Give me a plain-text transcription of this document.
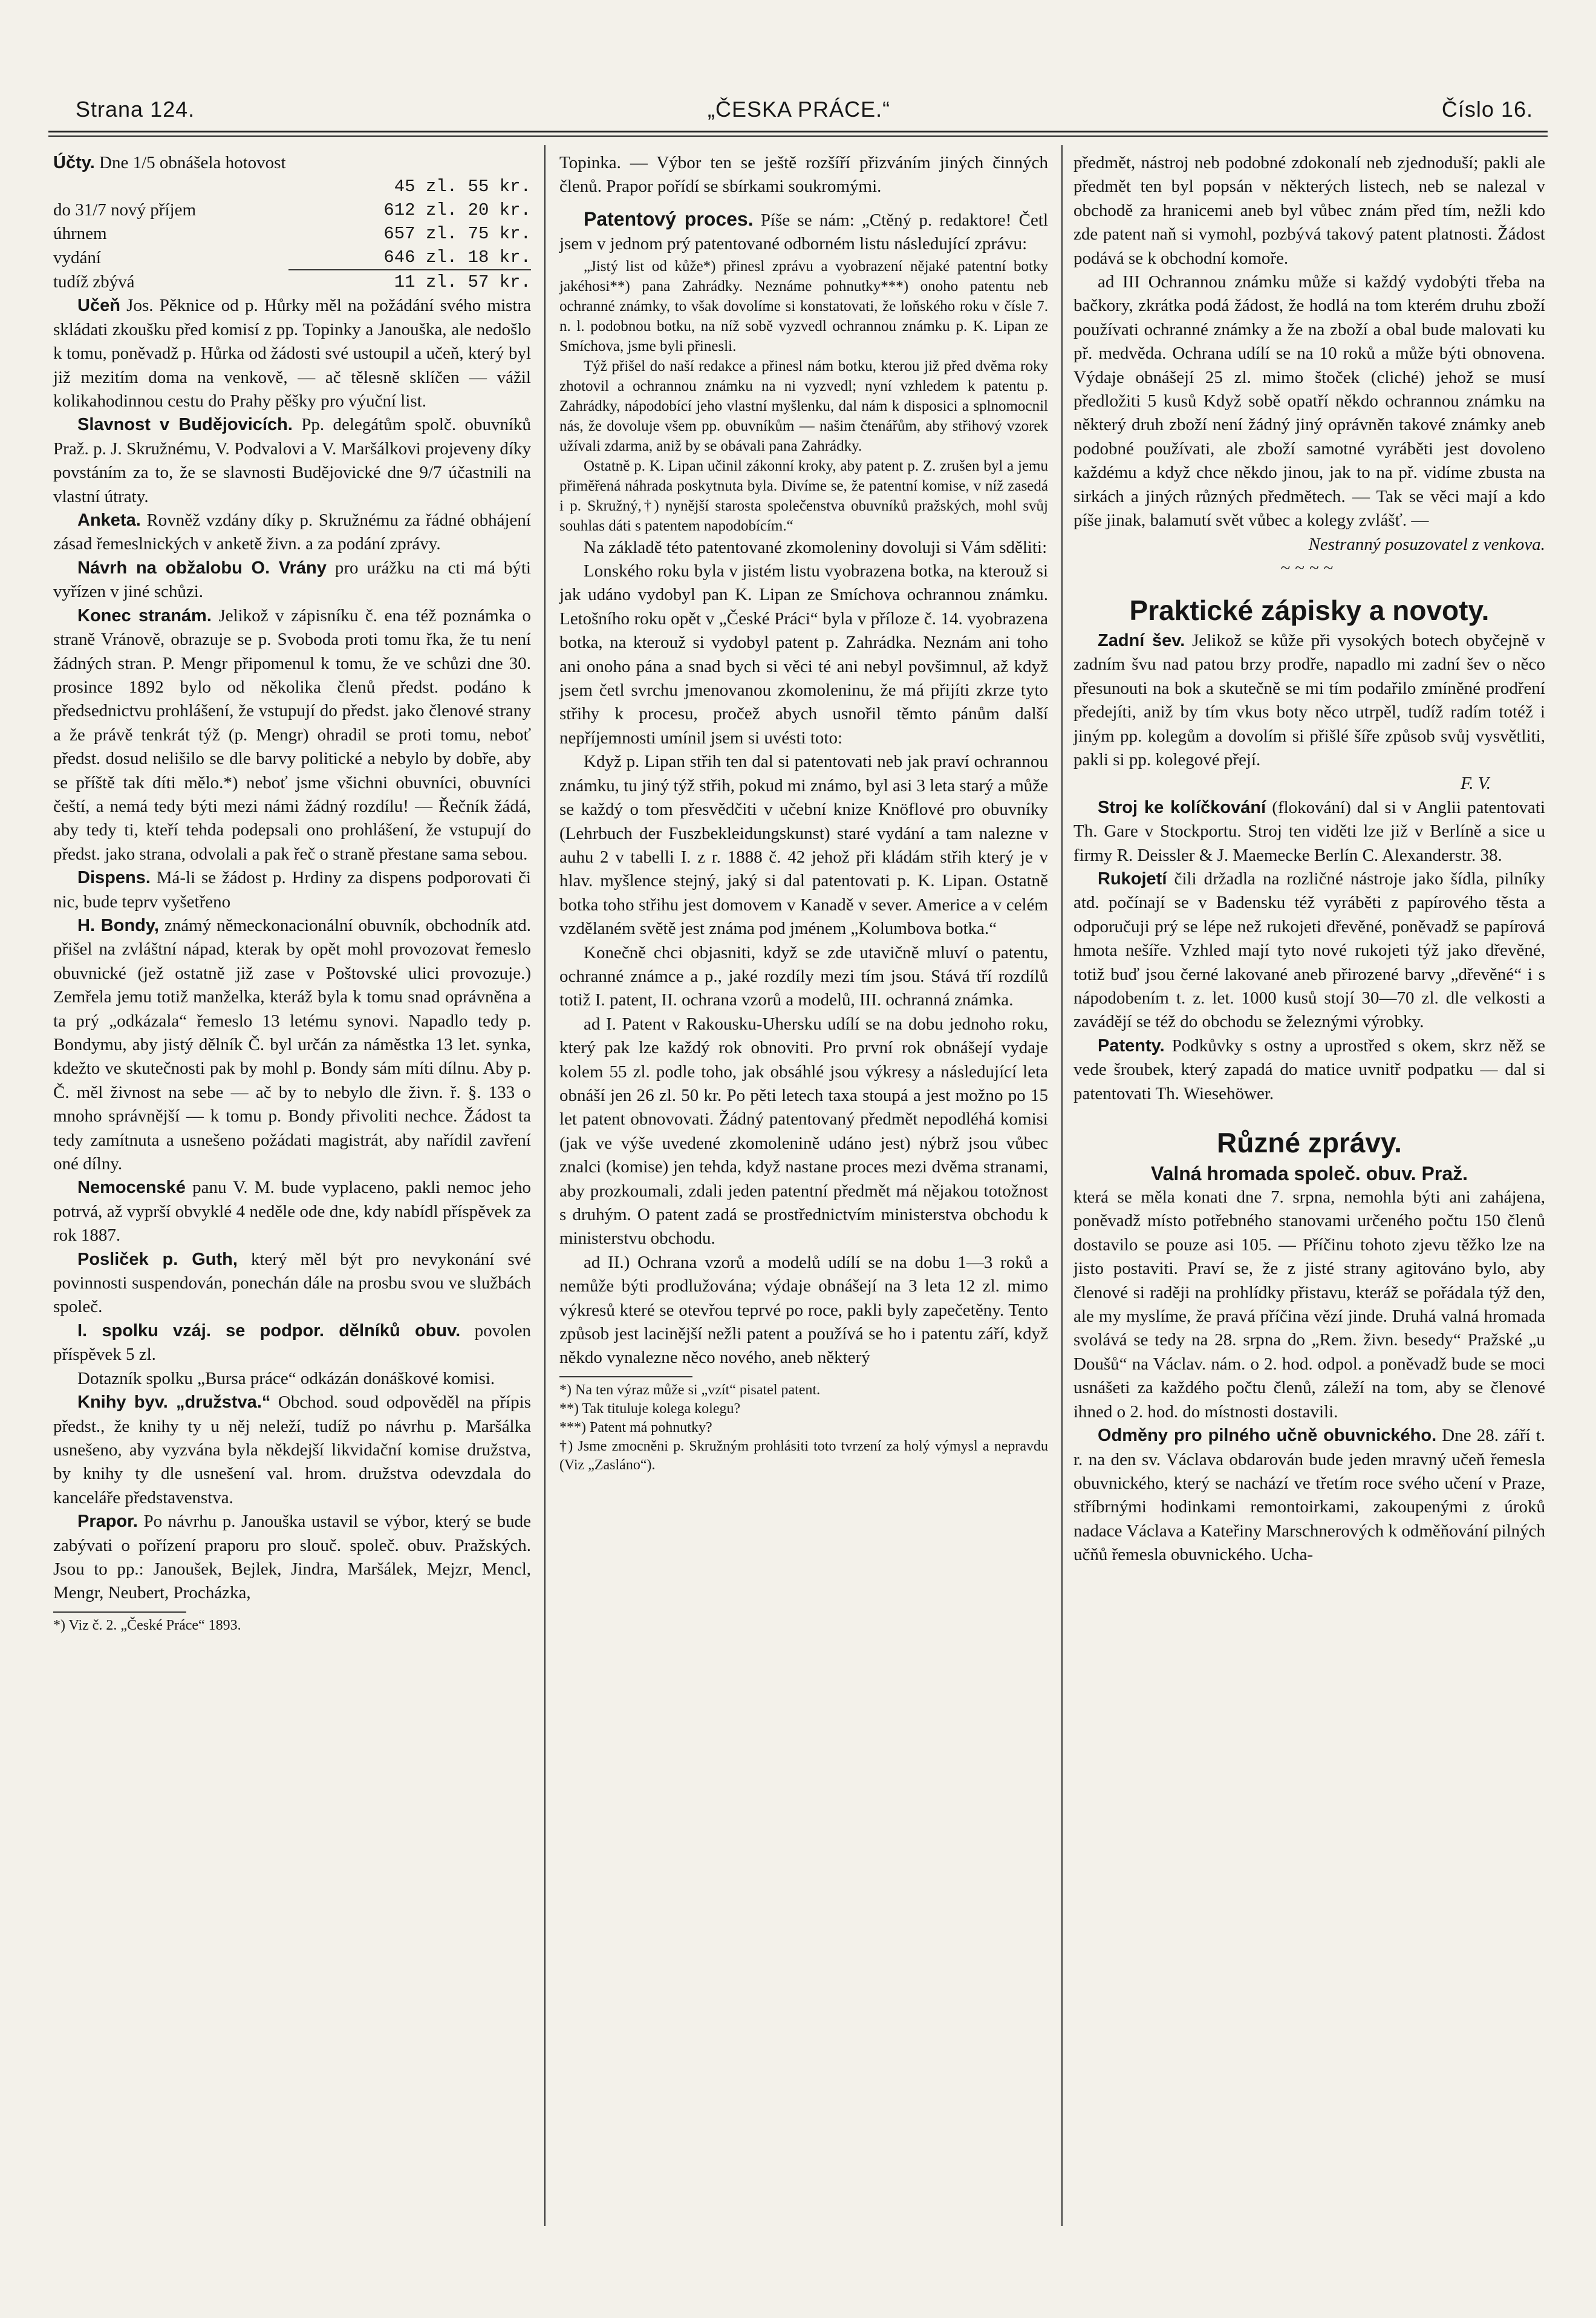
Strana 124.	„ČESKA PRÁCE.“	Číslo 16.

Účty. Dne 1/5 obnášela hotovost

	45 zl. 55 kr.
do 31/7 nový příjem	612 zl. 20 kr.
úhrnem	657 zl. 75 kr.
vydání	646 zl. 18 kr.
tudíž zbývá	11 zl. 57 kr.

Učeň Jos. Pěknice od p. Hůrky měl na požádání svého mistra skládati zkoušku před komisí z pp. Topinky a Janouška, ale nedošlo k tomu, poněvadž p. Hůrka od žádosti své ustoupil a učeň, který byl již mezitím doma na venkově, — ač tělesně sklíčen — vážil kolikahodinnou cestu do Prahy pěšky pro výuční list.

Slavnost v Budějovicích. Pp. delegátům spolč. obuvníků Praž. p. J. Skružnému, V. Podvalovi a V. Maršálkovi projeveny díky povstáním za to, že se slavnosti Budějovické dne 9/7 účastnili na vlastní útraty.

Anketa. Rovněž vzdány díky p. Skružnému za řádné obhájení zásad řemeslnických v anketě živn. a za podání zprávy.

Návrh na obžalobu O. Vrány pro urážku na cti má býti vyřízen v jiné schůzi.

Konec stranám. Jelikož v zápisníku č. ena též poznámka o straně Vránově, obrazuje se p. Svoboda proti tomu řka, že tu není žádných stran. P. Mengr připomenul k tomu, že ve schůzi dne 30. prosince 1892 bylo od několika členů předst. podáno k předsednictvu prohlášení, že vstupují do předst. jako členové strany a že právě tenkrát týž (p. Mengr) ohradil se proti tomu, neboť předst. dosud nelišilo se dle barvy politické a nebylo by dobře, aby se příště tak díti mělo.*) neboť jsme všichni obuvníci, obuvníci čeští, a nemá tedy býti mezi námi žádný rozdílu! — Řečník žádá, aby tedy ti, kteří tehda podepsali ono prohlášení, že vstupují do předst. jako strana, odvolali a pak řeč o straně přestane sama sebou.

Dispens. Má-li se žádost p. Hrdiny za dispens podporovati či nic, bude teprv vyšetřeno

H. Bondy, známý německonacionální obuvník, obchodník atd. přišel na zvláštní nápad, kterak by opět mohl provozovat řemeslo obuvnické (jež ostatně již zase v Poštovské ulici provozuje.) Zemřela jemu totiž manželka, kteráž byla k tomu snad oprávněna a ta prý „odkázala“ řemeslo 13 letému synovi. Napadlo tedy p. Bondymu, aby jistý dělník Č. byl určán za náměstka 13 let. synka, kdežto ve skutečnosti pak by mohl p. Bondy sám míti dílnu. Aby p. Č. měl živnost na sebe — ač by to nebylo dle živn. ř. §. 133 o mnoho správnější — k tomu p. Bondy přivoliti nechce. Žádost ta tedy zamítnuta a usnešeno požádati magistrát, aby nařídil zavření oné dílny.

Nemocenské panu V. M. bude vyplaceno, pakli nemoc jeho potrvá, až vyprší obvyklé 4 neděle ode dne, kdy nabídl příspěvek za rok 1887.

Posliček p. Guth, který měl být pro nevykonání své povinnosti suspendován, ponechán dále na prosbu svou ve službách společ.

I. spolku vzáj. se podpor. dělníků obuv. povolen příspěvek 5 zl.

Dotazník spolku „Bursa práce“ odkázán donáškové komisi.

Knihy byv. „družstva.“ Obchod. soud odpověděl na přípis předst., že knihy ty u něj neleží, tudíž po návrhu p. Maršálka usnešeno, aby vyzvána byla někdejší likvidační komise družstva, by knihy ty dle usnešení val. hrom. družstva odevzdala do kanceláře představenstva.

Prapor. Po návrhu p. Janouška ustavil se výbor, který se bude zabývati o pořízení praporu pro slouč. společ. obuv. Pražských. Jsou to pp.: Janoušek, Bejlek, Jindra, Maršálek, Mejzr, Mencl, Mengr, Neubert, Procházka,

*) Viz č. 2. „České Práce“ 1893.

Topinka. — Výbor ten se ještě rozšíří přizváním jiných činných členů. Prapor pořídí se sbírkami soukromými.

Patentový proces. Píše se nám: „Ctěný p. redaktore! Četl jsem v jednom prý patentované odborném listu následující zprávu:

„Jistý list od kůže*) přinesl zprávu a vyobrazení nějaké patentní botky jakéhosi**) pana Zahrádky. Neznáme pohnutky***) onoho patentu neb ochranné známky, to však dovolíme si konstatovati, že loňského roku v čísle 7. n. l. podobnou botku, na níž sobě vyzvedl ochrannou známku p. K. Lipan ze Smíchova, jsme byli přinesli.

Týž přišel do naší redakce a přinesl nám botku, kterou již před dvěma roky zhotovil a ochrannou známku na ni vyzvedl; nyní vzhledem k patentu p. Zahrádky, nápodobící jeho vlastní myšlenku, dal nám k disposici a splnomocnil nás, že dovoluje všem pp. obuvníkům — našim čtenářům, aby střihový vzorek užívali zdarma, aniž by se obávali pana Zahrádky.

Ostatně p. K. Lipan učinil zákonní kroky, aby patent p. Z. zrušen byl a jemu přiměřená náhrada poskytnuta byla. Divíme se, že patentní komise, v níž zasedá i p. Skružný,†) nynější starosta společenstva obuvníků pražských, mohl svůj souhlas dáti s patentem napodobícím.“

Na základě této patentované zkomoleniny dovoluji si Vám sděliti:

Lonského roku byla v jistém listu vyobrazena botka, na kterouž si jak udáno vydobyl pan K. Lipan ze Smíchova ochrannou známku. Letošního roku opět v „České Práci“ byla v příloze č. 14. vyobrazena botka, na kterouž si vydobyl patent p. Zahrádka. Neznám ani toho ani onoho pána a snad bych si věci té ani nebyl povšimnul, až když jsem četl svrchu jmenovanou zkomoleninu, že má přijíti zkrze tyto střihy k procesu, pročež abych usnořil těmto pánům další nepříjemnosti umínil jsem si uvésti toto:

Když p. Lipan střih ten dal si patentovati neb jak praví ochrannou známku, tu jiný týž střih, pokud mi známo, byl asi 3 leta starý a může se každý o tom přesvědčiti v učební knize Knöflové pro obuvníky (Lehrbuch der Fuszbekleidungskunst) staré vydání a tam nalezne v auhu 2 v tabelli I. z r. 1888 č. 42 jehož při kládám střih který je v hlav. myšlence stejný, jaký si dal patentovati p. K. Lipan. Ostatně botka toho střihu jest domovem v Kanadě v sever. Americe a v celém vzdělaném světě jest známa pod jménem „Kolumbova botka.“

Konečně chci objasniti, když se zde utavičně mluví o patentu, ochranné známce a p., jaké rozdíly mezi tím jsou. Stává tří rozdílů totiž I. patent, II. ochrana vzorů a modelů, III. ochranná známka.

ad I. Patent v Rakousku-Uhersku udílí se na dobu jednoho roku, který pak lze každý rok obnoviti. Pro první rok obnášejí vydaje kolem 55 zl. podle toho, jak obsáhlé jsou výkresy a následující leta obnáší jen 26 zl. 50 kr. Po pěti letech taxa stoupá a jest možno po 15 let patent obnovovati. Žádný patentovaný předmět nepodléhá komisi (jak ve výše uvedené zkomolenině udáno jest) nýbrž jsou vůbec znalci (komise) jen tehda, když nastane proces mezi dvěma stranami, aby prozkoumali, zdali jeden patentní předmět má nějakou totožnost s druhým. O patent zadá se prostřednictvím ministerstva obchodu k ministerstvu obchodu.

ad II.) Ochrana vzorů a modelů udílí se na dobu 1—3 roků a nemůže býti prodlužována; výdaje obnášejí na 3 leta 12 zl. mimo výkresů které se otevřou teprvé po roce, pakli byly zapečetěny. Tento způsob jest lacinější nežli patent a používá se ho i patentu září, když někdo vynalezne něco nového, aneb některý

*) Na ten výraz může si „vzít“ pisatel patent.

**) Tak tituluje kolega kolegu?

***) Patent má pohnutky?

†) Jsme zmocněni p. Skružným prohlásiti toto tvrzení za holý výmysl a nepravdu (Viz „Zasláno“).

předmět, nástroj neb podobné zdokonalí neb zjednoduší; pakli ale předmět ten byl popsán v některých listech, neb se nalezal v obchodě za hranicemi aneb byl vůbec znám před tím, nežli kdo zde patent naň si vymohl, pozbývá takový patent platnosti. Žádost podává se k obchodní komoře.

ad III Ochrannou známku může si každý vydobýti třeba na bačkory, zkrátka podá žádost, že hodlá na tom kterém druhu zboží používati ochranné známky a že na zboží a obal bude malovati ku př. medvěda. Ochrana udílí se na 10 roků a může býti obnovena. Výdaje obnášejí 25 zl. mimo štoček (cliché) jehož se musí předložiti 5 kusů Když sobě opatří někdo ochrannou známku na některý druh zboží není žádný jiný oprávněn takové známky aneb podobné používati, ale zboží samotné vyráběti jest dovoleno každému a když chce někdo jinou, jak to na př. vidíme zbusta na sirkách a jiných různých předmětech. — Tak se věci mají a kdo píše jinak, balamutí svět vůbec a kolegy zvlášť. —

Nestranný posuzovatel z venkova.

~~~~

Praktické zápisky a novoty.

Zadní šev. Jelikož se kůže při vysokých botech obyčejně v zadním švu nad patou brzy prodře, napadlo mi zadní šev o něco přesunouti na bok a skutečně se mi tím podařilo zmíněné prodření předejíti, aniž by tím vkus boty něco utrpěl, tudíž radím totéž i jiným pp. kolegům a dovolím si přišlé šíře způsob svůj vysvětliti, pakli si pp. kolegové přejí.

F. V.

Stroj ke kolíčkování (flokování) dal si v Anglii patentovati Th. Gare v Stockportu. Stroj ten viděti lze již v Berlíně a sice u firmy R. Deissler & J. Maemecke Berlín C. Alexanderstr. 38.

Rukojetí čili držadla na rozličné nástroje jako šídla, pilníky atd. počínají se v Badensku též vyráběti z papírového těsta a odporučuji prý se lépe než rukojeti dřevěné, poněvadž se papírová hmota nešíře. Vzhled mají tyto nové rukojeti týž jako dřevěné, totiž buď jsou černé lakované aneb přirozené barvy „dřevěné“ i s nápodobením t. z. let. 1000 kusů stojí 30—70 zl. dle velkosti a zavádějí se též do obchodu se železnými výrobky.

Patenty. Podkůvky s ostny a uprostřed s okem, skrz něž se vede šroubek, který zapadá do matice uvnitř podpatku — dal si patentovati Th. Wiesehöwer.

Různé zprávy.

Valná hromada společ. obuv. Praž.

která se měla konati dne 7. srpna, nemohla býti ani zahájena, poněvadž místo potřebného stanovami určeného počtu 150 členů dostavilo se pouze asi 105. — Příčinu tohoto zjevu těžko lze na jisto postaviti. Praví se, že z jisté strany agitováno bylo, aby členové si raději na prohlídky přistavu, kteráž se pořádala týž den, ale my myslíme, že pravá příčina vězí jinde. Druhá valná hromada svolává se tedy na 28. srpna do „Rem. živn. besedy“ Pražské „u Doušů“ na Václav. nám. o 2. hod. odpol. a poněvadž bude se moci usnášeti za každého počtu členů, záleží na tom, aby se členové ihned o 2. hod. do místnosti dostavili.

Odměny pro pilného učně obuvnického. Dne 28. září t. r. na den sv. Václava obdarován bude jeden mravný učeň řemesla obuvnického, který se nachází ve třetím roce svého učení v Praze, stříbrnými hodinkami remontoirkami, zakoupenými z úroků nadace Václava a Kateřiny Marschnerových k odměňování pilných učňů řemesla obuvnického. Ucha-
